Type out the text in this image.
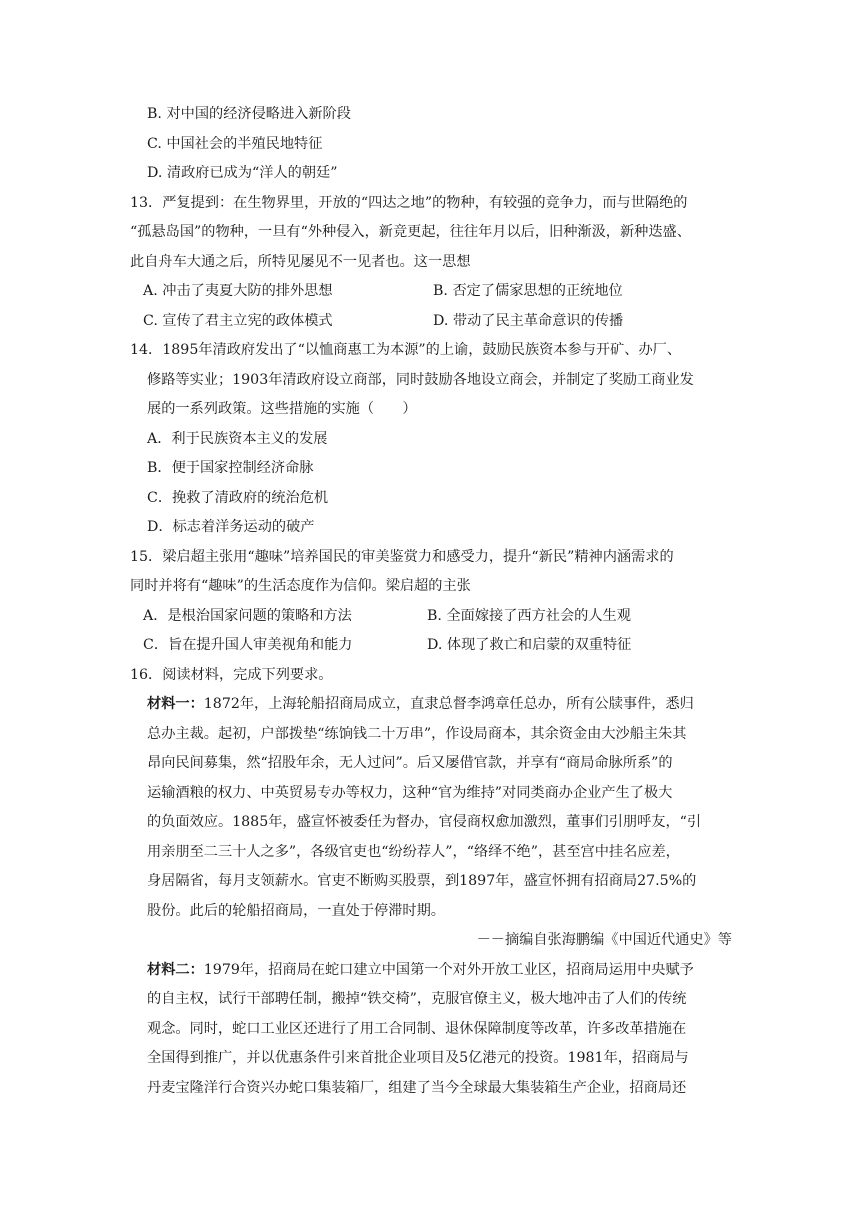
B. 对中国的经济侵略进入新阶段
C. 中国社会的半殖民地特征
D. 清政府已成为“洋人的朝廷”
13．严复提到：在生物界里，开放的“四达之地”的物种，有较强的竞争力，而与世隔绝的
“孤悬岛国”的物种，一旦有“外种侵入，新竞更起，往往年月以后，旧种渐汲，新种迭盛、
此自舟车大通之后，所特见屡见不一见者也。这一思想
A. 冲击了夷夏大防的排外思想	B. 否定了儒家思想的正统地位
C. 宣传了君主立宪的政体模式	D. 带动了民主革命意识的传播
14．1895年清政府发出了“以恤商惠工为本源”的上谕，鼓励民族资本参与开矿、办厂、
修路等实业；1903年清政府设立商部，同时鼓励各地设立商会，并制定了奖励工商业发
展的一系列政策。这些措施的实施（　　）
A．利于民族资本主义的发展
B．便于国家控制经济命脉
C．挽救了清政府的统治危机
D．标志着洋务运动的破产
15．梁启超主张用“趣味”培养国民的审美鉴赏力和感受力，提升“新民”精神内涵需求的
同时并将有“趣味”的生活态度作为信仰。梁启超的主张
A．是根治国家问题的策略和方法	B. 全面嫁接了西方社会的人生观
C．旨在提升国人审美视角和能力	D. 体现了救亡和启蒙的双重特征
16．阅读材料，完成下列要求。
材料一：1872年，上海轮船招商局成立，直隶总督李鸿章任总办，所有公牍事件，悉归
总办主裁。起初，户部拨垫“练饷钱二十万串”，作设局商本，其余资金由大沙船主朱其
昂向民间募集，然“招股年余，无人过问”。后又屡借官款，并享有“商局命脉所系”的
运输酒粮的权力、中英贸易专办等权力，这种“官为维持”对同类商办企业产生了极大
的负面效应。1885年，盛宣怀被委任为督办，官侵商权愈加激烈，董事们引朋呼友，“引
用亲朋至二三十人之多”，各级官吏也“纷纷荐人”，“络绎不绝”，甚至宫中挂名应差，
身居隔省，每月支领薪水。官吏不断购买股票，到1897年，盛宣怀拥有招商局27.5%的
股份。此后的轮船招商局，一直处于停滞时期。
－－摘编自张海鹏编《中国近代通史》等
材料二：1979年，招商局在蛇口建立中国第一个对外开放工业区，招商局运用中央赋予
的自主权，试行干部聘任制，搬掉“铁交椅”，克服官僚主义，极大地冲击了人们的传统
观念。同时，蛇口工业区还进行了用工合同制、退休保障制度等改革，许多改革措施在
全国得到推广，并以优惠条件引来首批企业项目及5亿港元的投资。1981年，招商局与
丹麦宝隆洋行合资兴办蛇口集装箱厂，组建了当今全球最大集装箱生产企业，招商局还
